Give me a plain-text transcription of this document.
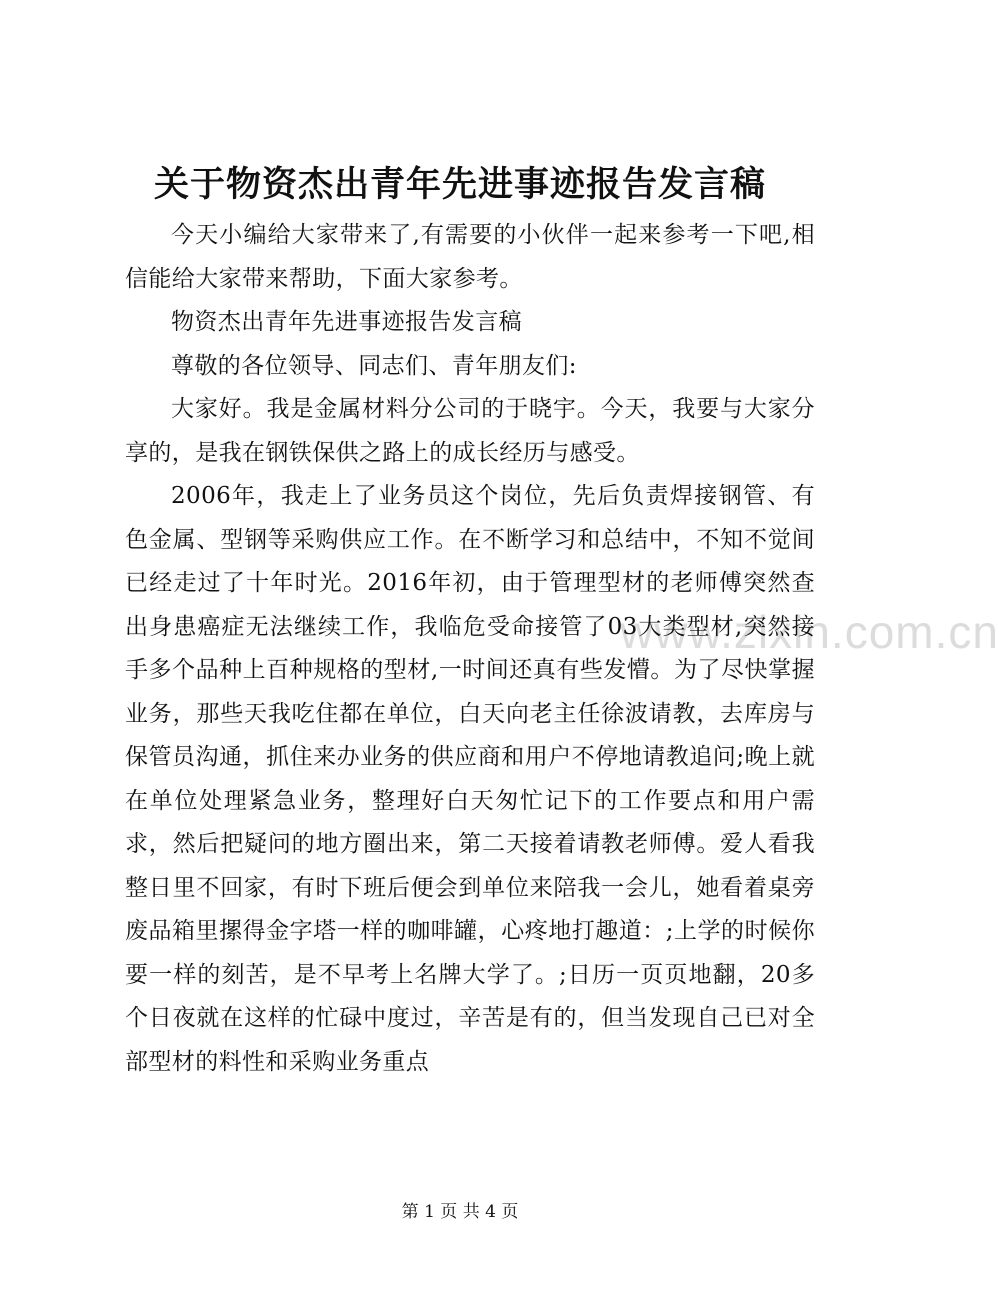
www.zixin.com.cn
关于物资杰出青年先进事迹报告发言稿

今天小编给大家带来了,有需要的小伙伴一起来参考一下吧,相信能给大家带来帮助，下面大家参考。

物资杰出青年先进事迹报告发言稿

尊敬的各位领导、同志们、青年朋友们:

大家好。我是金属材料分公司的于晓宇。今天，我要与大家分享的，是我在钢铁保供之路上的成长经历与感受。

2006年，我走上了业务员这个岗位，先后负责焊接钢管、有色金属、型钢等采购供应工作。在不断学习和总结中，不知不觉间已经走过了十年时光。2016年初，由于管理型材的老师傅突然查出身患癌症无法继续工作，我临危受命接管了03大类型材,突然接手多个品种上百种规格的型材,一时间还真有些发懵。为了尽快掌握业务，那些天我吃住都在单位，白天向老主任徐波请教，去库房与保管员沟通，抓住来办业务的供应商和用户不停地请教追问;晚上就在单位处理紧急业务，整理好白天匆忙记下的工作要点和用户需求，然后把疑问的地方圈出来，第二天接着请教老师傅。爱人看我整日里不回家，有时下班后便会到单位来陪我一会儿，她看着桌旁废品箱里摞得金字塔一样的咖啡罐，心疼地打趣道：;上学的时候你要一样的刻苦，是不早考上名牌大学了。;日历一页页地翻，20多个日夜就在这样的忙碌中度过，辛苦是有的，但当发现自己已对全部型材的料性和采购业务重点

第 1 页 共 4 页
